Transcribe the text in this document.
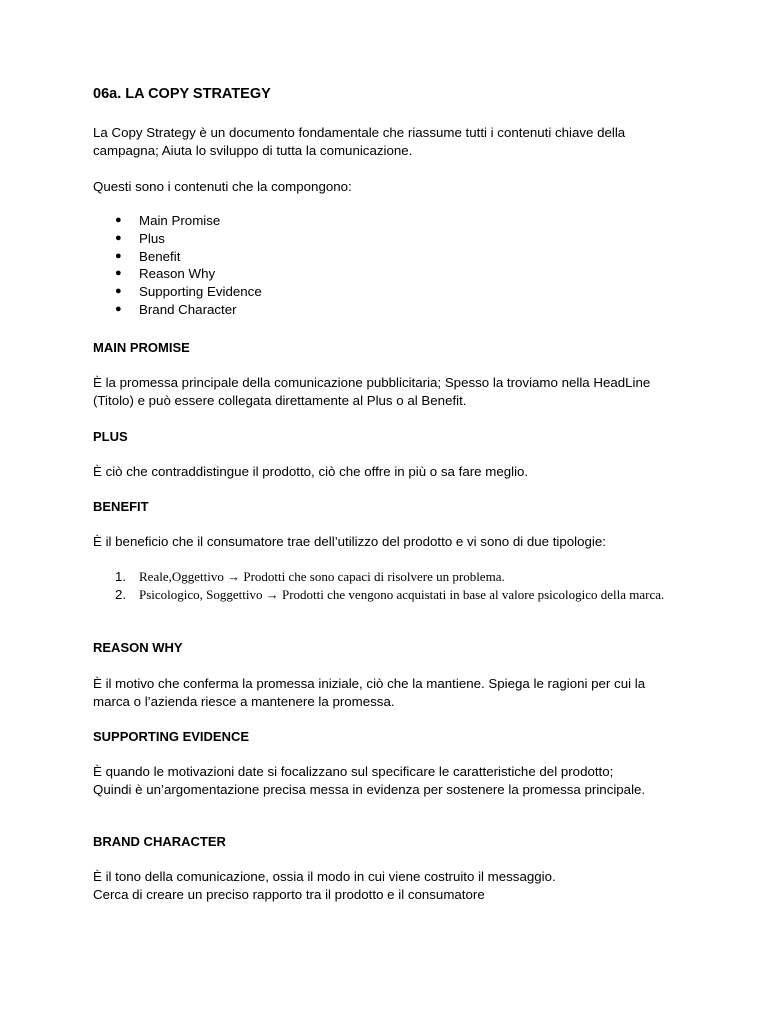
06a. LA COPY STRATEGY

La Copy Strategy è un documento fondamentale che riassume tutti i contenuti chiave della campagna; Aiuta lo sviluppo di tutta la comunicazione.

Questi sono i contenuti che la compongono:

● Main Promise
● Plus
● Benefit
● Reason Why
● Supporting Evidence
● Brand Character
MAIN PROMISE

È la promessa principale della comunicazione pubblicitaria; Spesso la troviamo nella HeadLine (Titolo) e può essere collegata direttamente al Plus o al Benefit.

PLUS

È ciò che contraddistingue il prodotto, ciò che offre in più o sa fare meglio.

BENEFIT

È il beneficio che il consumatore trae dell’utilizzo del prodotto e vi sono di due tipologie:

1. Reale,Oggettivo → Prodotti che sono capaci di risolvere un problema.
2. Psicologico, Soggettivo → Prodotti che vengono acquistati in base al valore psicologico della marca.
REASON WHY

È il motivo che conferma la promessa iniziale, ciò che la mantiene. Spiega le ragioni per cui la marca o l’azienda riesce a mantenere la promessa.

SUPPORTING EVIDENCE

È quando le motivazioni date si focalizzano sul specificare le caratteristiche del prodotto;
Quindi è un’argomentazione precisa messa in evidenza per sostenere la promessa principale.

BRAND CHARACTER

È il tono della comunicazione, ossia il modo in cui viene costruito il messaggio.
Cerca di creare un preciso rapporto tra il prodotto e il consumatore
